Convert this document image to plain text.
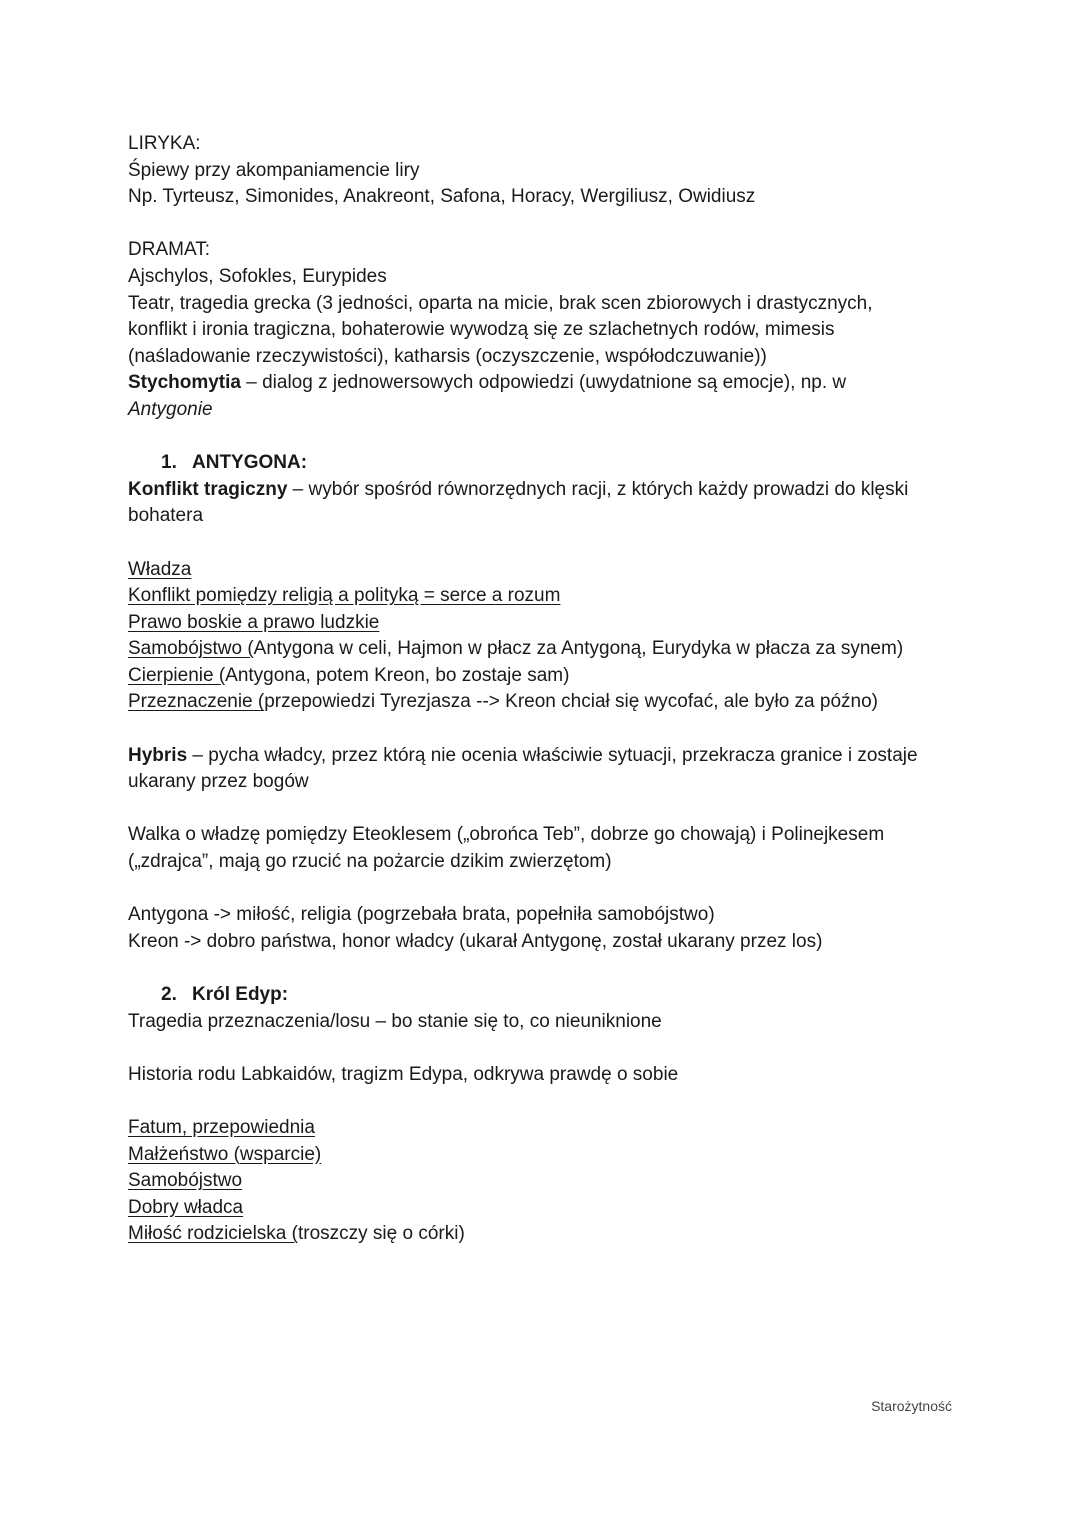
LIRYKA:
Śpiewy przy akompaniamencie liry
Np. Tyrteusz, Simonides, Anakreont, Safona, Horacy, Wergiliusz, Owidiusz
DRAMAT:
Ajschylos, Sofokles, Eurypides
Teatr, tragedia grecka (3 jedności, oparta na micie, brak scen zbiorowych i drastycznych,
konflikt i ironia tragiczna, bohaterowie wywodzą się ze szlachetnych rodów, mimesis
(naśladowanie rzeczywistości), katharsis (oczyszczenie, współodczuwanie))
Stychomytia – dialog z jednowersowych odpowiedzi (uwydatnione są emocje), np. w
Antygonie
1. ANTYGONA:
Konflikt tragiczny – wybór spośród równorzędnych racji, z których każdy prowadzi do klęski
bohatera
Władza
Konflikt pomiędzy religią a polityką = serce a rozum
Prawo boskie a prawo ludzkie
Samobójstwo (Antygona w celi, Hajmon w płacz za Antygoną, Eurydyka w płacza za synem)
Cierpienie (Antygona, potem Kreon, bo zostaje sam)
Przeznaczenie (przepowiedzi Tyrezjasza --> Kreon chciał się wycofać, ale było za późno)
Hybris – pycha władcy, przez którą nie ocenia właściwie sytuacji, przekracza granice i zostaje
ukarany przez bogów
Walka o władzę pomiędzy Eteoklesem („obrońca Teb”, dobrze go chowają) i Polinejkesem
(„zdrajca”, mają go rzucić na pożarcie dzikim zwierzętom)
Antygona -> miłość, religia (pogrzebała brata, popełniła samobójstwo)
Kreon -> dobro państwa, honor władcy (ukarał Antygonę, został ukarany przez los)
2. Król Edyp:
Tragedia przeznaczenia/losu – bo stanie się to, co nieuniknione
Historia rodu Labkaidów, tragizm Edypa, odkrywa prawdę o sobie
Fatum, przepowiednia
Małżeństwo (wsparcie)
Samobójstwo
Dobry władca
Miłość rodzicielska (troszczy się o córki)
Starożytność
